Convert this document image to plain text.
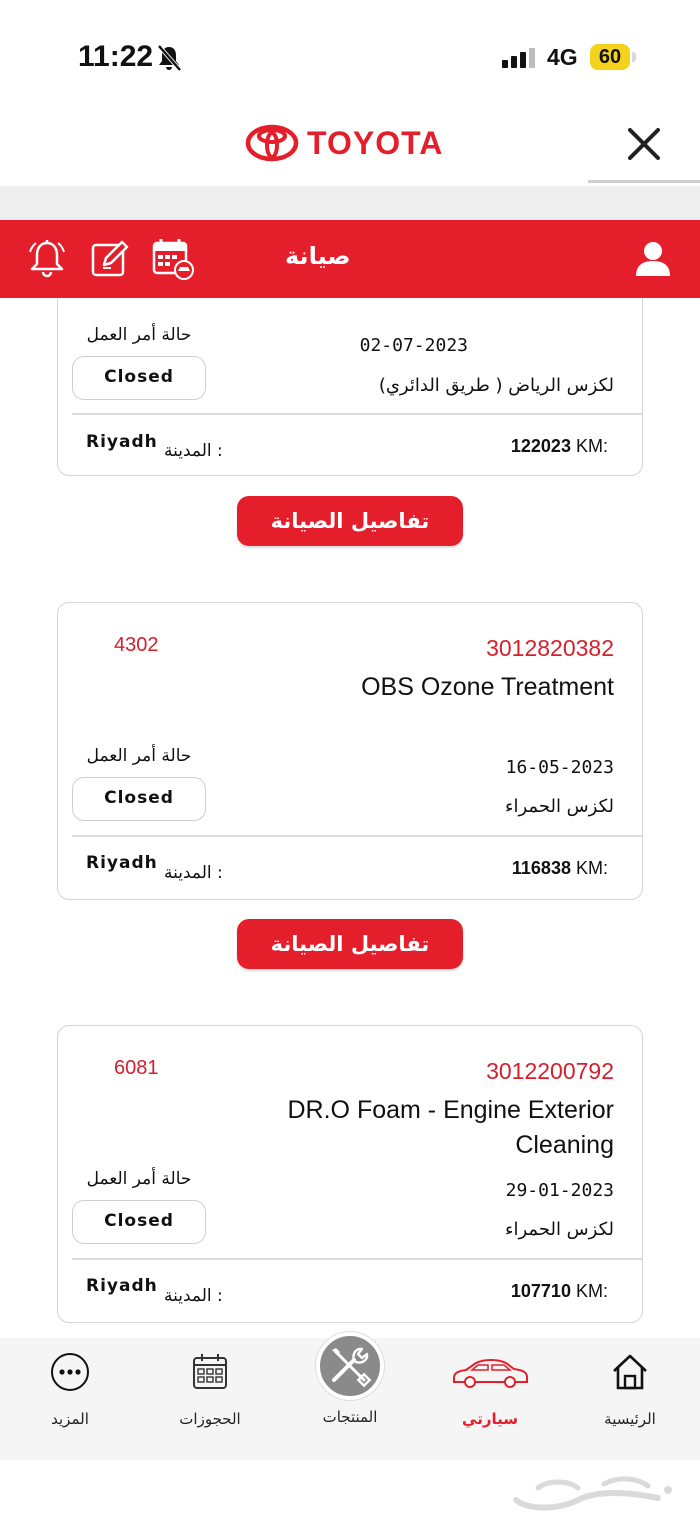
11:22	4G	60
TOYOTA
صيانة
حالة أمر العمل	02-07-2023
Closed	(لكزس الرياض ( طريق الدائري
Riyadh المدينة :	122023 KM:
تفاصيل الصيانة
4302	3012820382
OBS Ozone Treatment
حالة أمر العمل
16-05-2023
Closed	لكزس الحمراء
Riyadh المدينة :	116838 KM:
تفاصيل الصيانة
6081	3012200792
DR.O Foam - Engine Exterior Cleaning
حالة أمر العمل
29-01-2023
Closed	لكزس الحمراء
Riyadh المدينة :	107710 KM:
المزيد	الحجوزات	المنتجات	سيارتي	الرئيسية
